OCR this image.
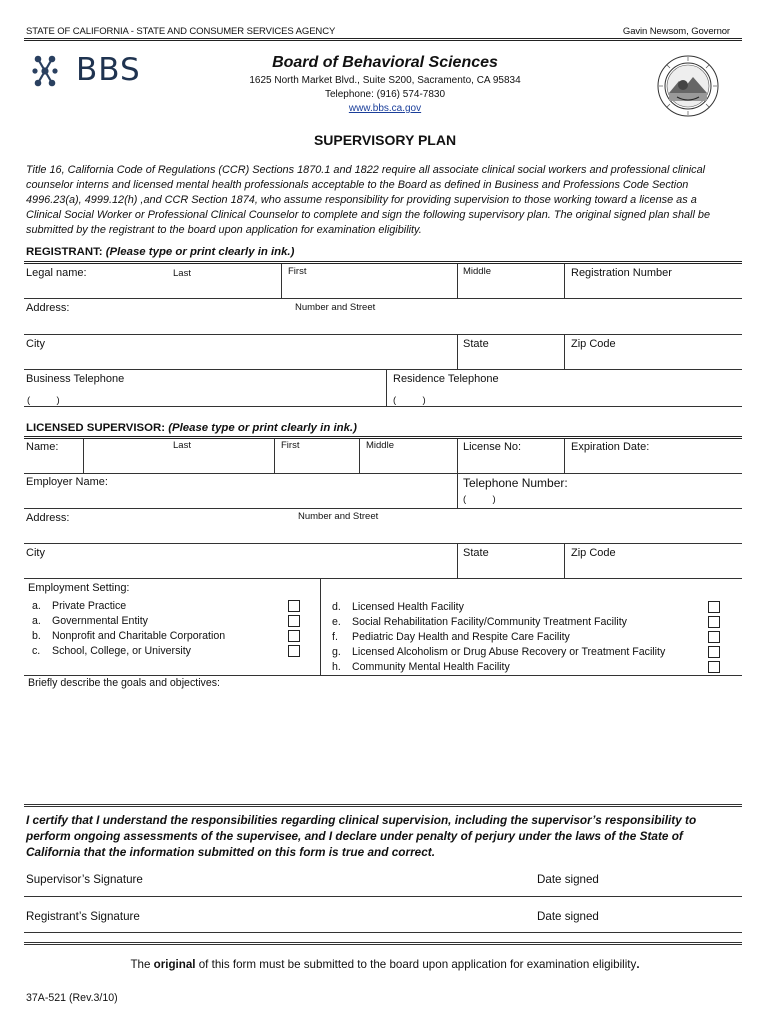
STATE OF CALIFORNIA - STATE AND CONSUMER SERVICES AGENCY	Gavin Newsom, Governor
BBS	Board of Behavioral Sciences
1625 North Market Blvd., Suite S200, Sacramento, CA 95834
Telephone: (916) 574-7830
www.bbs.ca.gov
SUPERVISORY PLAN
Title 16, California Code of Regulations (CCR) Sections 1870.1 and 1822 require all associate clinical social workers and professional clinical counselor interns and licensed mental health professionals acceptable to the Board as defined in Business and Professions Code Section 4996.23(a), 4999.12(h) ,and CCR Section 1874, who assume responsibility for providing supervision to those working toward a license as a Clinical Social Worker or Professional Clinical Counselor to complete and sign the following supervisory plan. The original signed plan shall be submitted by the registrant to the board upon application for examination eligibility.
REGISTRANT: (Please type or print clearly in ink.)
Legal name:	Last	First	Middle	Registration Number
Address:	Number and Street
City	State	Zip Code
Business Telephone	Residence Telephone
(          )	(          )
LICENSED SUPERVISOR: (Please type or print clearly in ink.)
Name:	Last	First	Middle	License No:	Expiration Date:
Employer Name:	Telephone Number:
(          )
Address:	Number and Street
City	State	Zip Code
Employment Setting:
a. Private Practice
a. Governmental Entity
b. Nonprofit and Charitable Corporation
c. School, College, or University
d. Licensed Health Facility
e. Social Rehabilitation Facility/Community Treatment Facility
f. Pediatric Day Health and Respite Care Facility
g. Licensed Alcoholism or Drug Abuse Recovery or Treatment Facility
h. Community Mental Health Facility
Briefly describe the goals and objectives:
I certify that I understand the responsibilities regarding clinical supervision, including the supervisor’s responsibility to perform ongoing assessments of the supervisee, and I declare under penalty of perjury under the laws of the State of California that the information submitted on this form is true and correct.
Supervisor’s Signature	Date signed
Registrant’s Signature	Date signed
The original of this form must be submitted to the board upon application for examination eligibility.
37A-521 (Rev.3/10)
